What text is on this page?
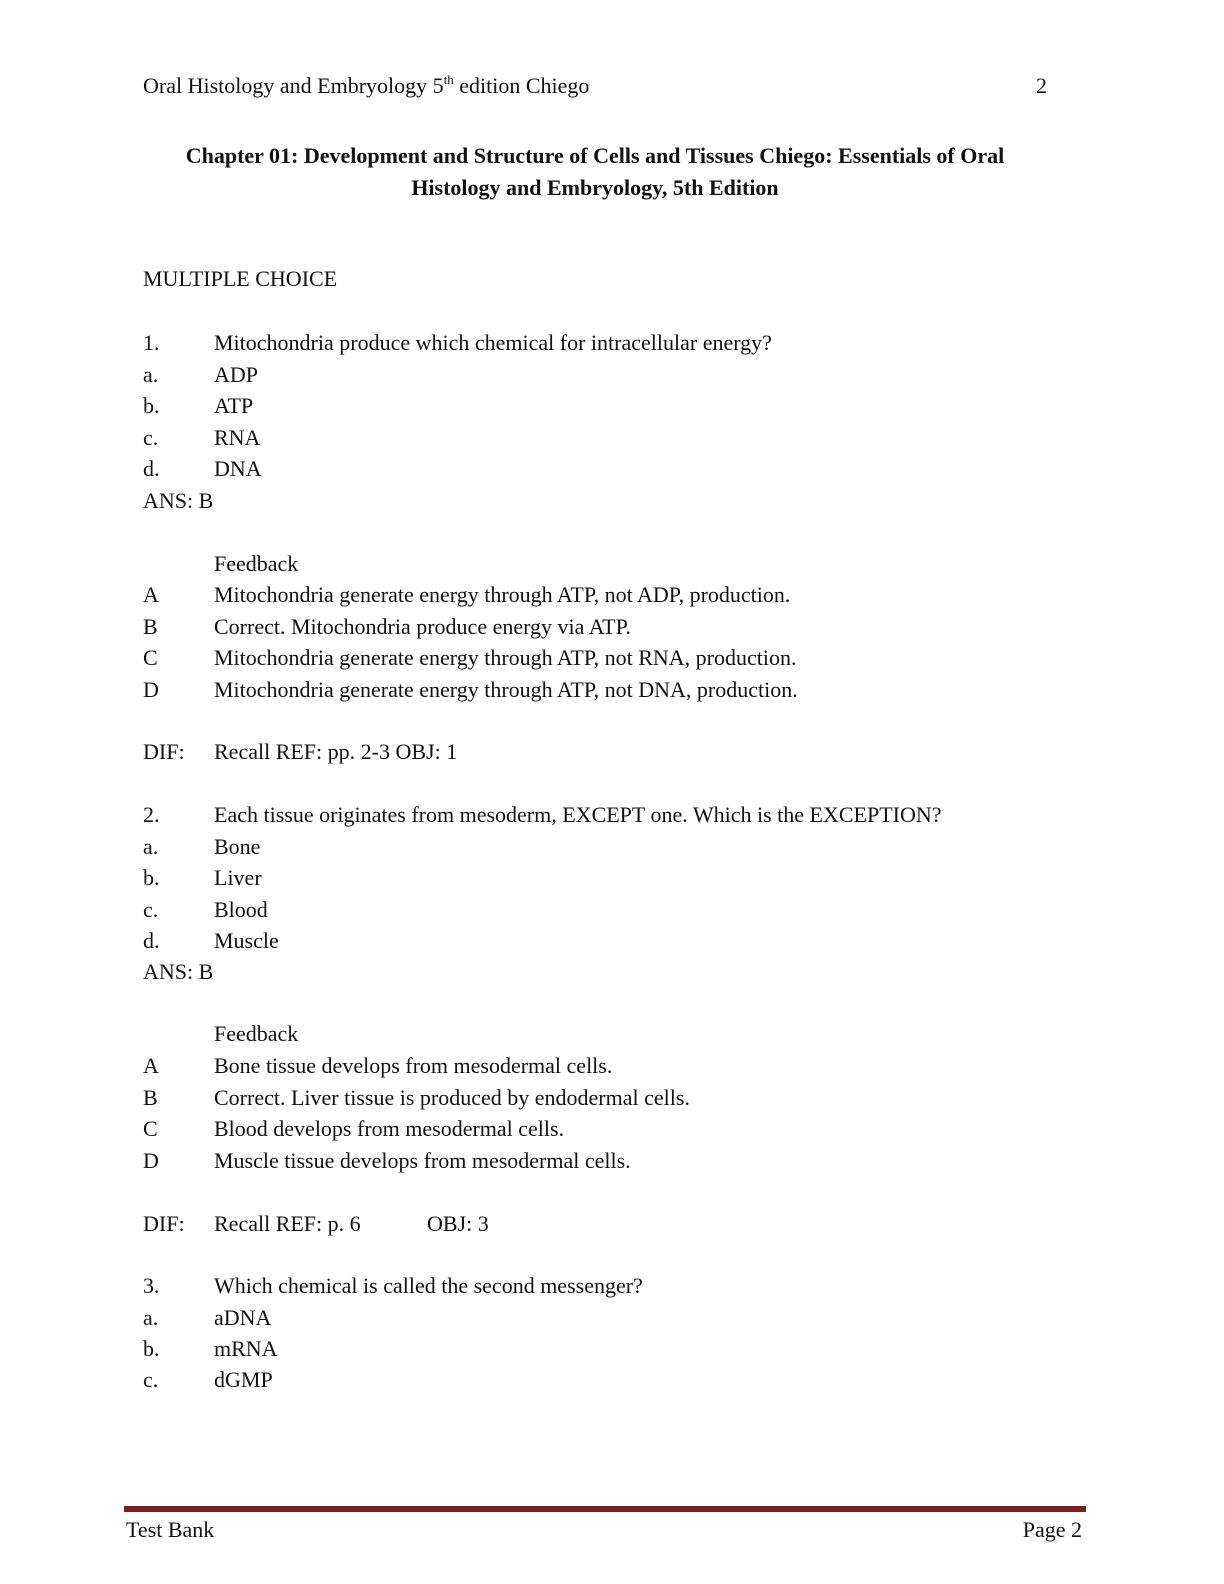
Oral Histology and Embryology 5th edition Chiego	2
Chapter 01: Development and Structure of Cells and Tissues Chiego: Essentials of Oral Histology and Embryology, 5th Edition
MULTIPLE CHOICE
1. Mitochondria produce which chemical for intracellular energy?
a.	ADP
b. ATP
c.	RNA
d. DNA
ANS: B
Feedback
A	Mitochondria generate energy through ATP, not ADP, production.
B	Correct. Mitochondria produce energy via ATP.
C	Mitochondria generate energy through ATP, not RNA, production.
D	Mitochondria generate energy through ATP, not DNA, production.
DIF: Recall REF: pp. 2-3 OBJ: 1
2. Each tissue originates from mesoderm, EXCEPT one. Which is the EXCEPTION?
a.	Bone
b. Liver
c.	Blood
d. Muscle
ANS: B
Feedback
A	Bone tissue develops from mesodermal cells.
B	Correct. Liver tissue is produced by endodermal cells.
C	Blood develops from mesodermal cells.
D	Muscle tissue develops from mesodermal cells.
DIF: Recall REF: p. 6	OBJ: 3
3. Which chemical is called the second messenger?
a.	aDNA
b. mRNA
c.	dGMP
Test Bank	Page 2
